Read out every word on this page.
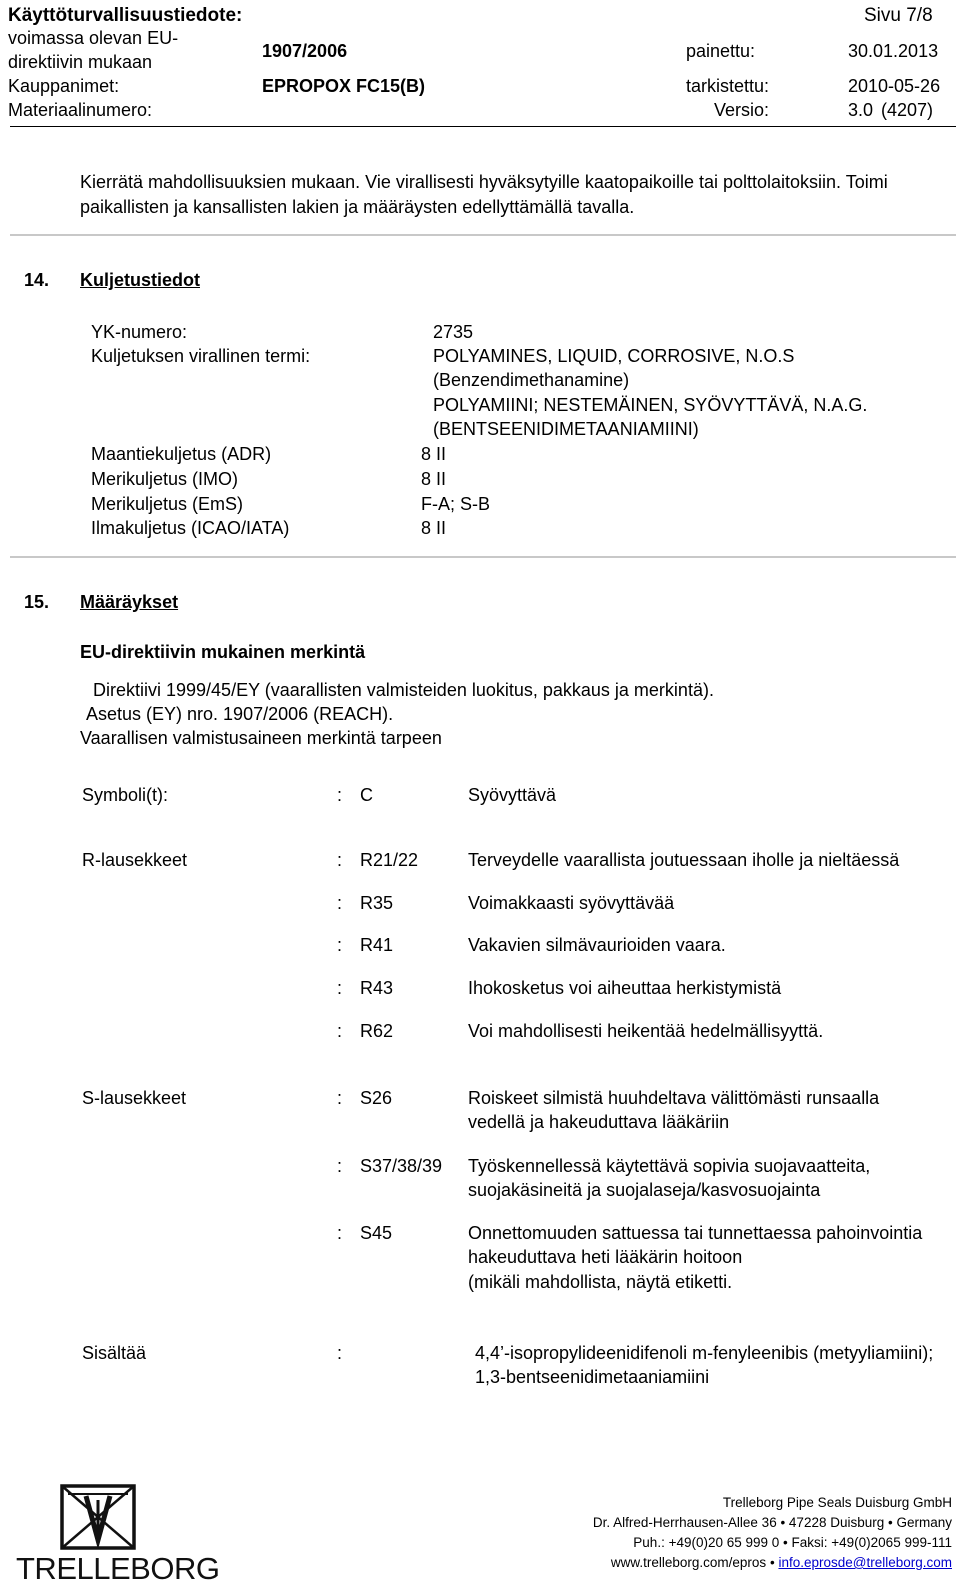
Käyttöturvallisuustiedote:	Sivu 7/8
voimassa olevan EU-
direktiivin mukaan
1907/2006	painettu:	30.01.2013
Kauppanimet:	EPROPOX FC15(B)	tarkistettu:	2010-05-26
Materiaalinumero:	Versio:	3.0 (4207)
Kierrätä mahdollisuuksien mukaan. Vie virallisesti hyväksytyille kaatopaikoille tai polttolaitoksiin. Toimi
paikallisten ja kansallisten lakien ja määräysten edellyttämällä tavalla.
14. Kuljetustiedot
YK-numero:	2735
Kuljetuksen virallinen termi:	POLYAMINES, LIQUID, CORROSIVE, N.O.S
(Benzendimethanamine)
POLYAMIINI; NESTEMÄINEN, SYÖVYTTÄVÄ, N.A.G.
(BENTSEENIDIMETAANIAMIINI)
Maantiekuljetus (ADR)	8 II
Merikuljetus (IMO)	8 II
Merikuljetus (EmS)	F-A; S-B
Ilmakuljetus (ICAO/IATA)	8 II
15. Määräykset
EU-direktiivin mukainen merkintä
Direktiivi 1999/45/EY (vaarallisten valmisteiden luokitus, pakkaus ja merkintä).
Asetus (EY) nro. 1907/2006 (REACH).
Vaarallisen valmistusaineen merkintä tarpeen
Symboli(t):	: C	Syövyttävä
R-lausekkeet	: R21/22	Terveydelle vaarallista joutuessaan iholle ja nieltäessä
: R35	Voimakkaasti syövyttävää
: R41	Vakavien silmävaurioiden vaara.
: R43	Ihokosketus voi aiheuttaa herkistymistä
: R62	Voi mahdollisesti heikentää hedelmällisyyttä.
S-lausekkeet	: S26	Roiskeet silmistä huuhdeltava välittömästi runsaalla
vedellä ja hakeuduttava lääkäriin
: S37/38/39 Työskennellessä käytettävä sopivia suojavaatteita,
suojakäsineitä ja suojalaseja/kasvosuojainta
: S45	Onnettomuuden sattuessa tai tunnettaessa pahoinvointia
hakeuduttava heti lääkärin hoitoon
(mikäli mahdollista, näytä etiketti.
Sisältää	:	4,4’-isopropylideenidifenoli m-fenyleenibis (metyyliamiini);
1,3-bentseenidimetaaniamiini
TRELLEBORG
Trelleborg Pipe Seals Duisburg GmbH
Dr. Alfred-Herrhausen-Allee 36 • 47228 Duisburg • Germany
Puh.: +49(0)20 65 999 0 • Faksi: +49(0)2065 999-111
www.trelleborg.com/epros • info.eprosde@trelleborg.com
